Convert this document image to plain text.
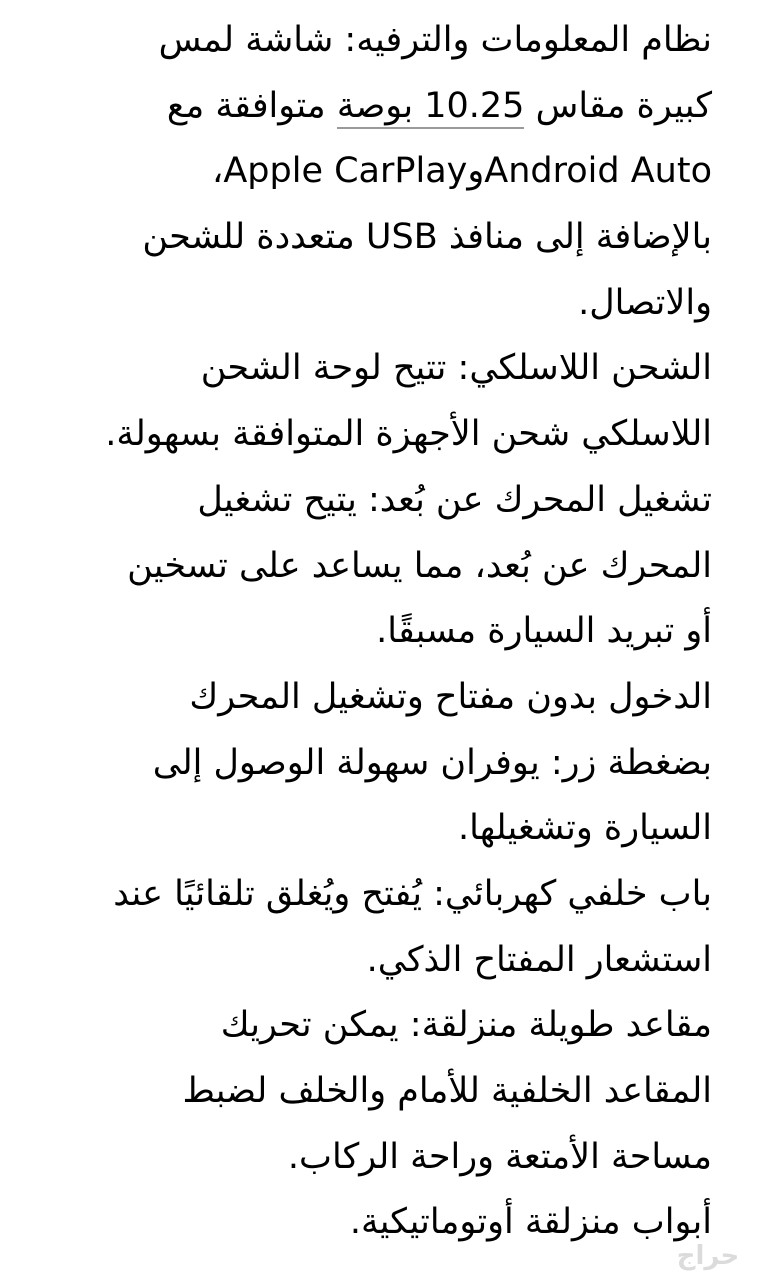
نظام المعلومات والترفيه: شاشة لمس
كبيرة مقاس 10.25 بوصة متوافقة مع
Android AutoوApple CarPlay،
بالإضافة إلى منافذ USB متعددة للشحن
والاتصال.
الشحن اللاسلكي: تتيح لوحة الشحن
اللاسلكي شحن الأجهزة المتوافقة بسهولة.
تشغيل المحرك عن بُعد: يتيح تشغيل
المحرك عن بُعد، مما يساعد على تسخين
أو تبريد السيارة مسبقًا.
الدخول بدون مفتاح وتشغيل المحرك
بضغطة زر: يوفران سهولة الوصول إلى
السيارة وتشغيلها.
باب خلفي كهربائي: يُفتح ويُغلق تلقائيًا عند
استشعار المفتاح الذكي.
مقاعد طويلة منزلقة: يمكن تحريك
المقاعد الخلفية للأمام والخلف لضبط
مساحة الأمتعة وراحة الركاب.
أبواب منزلقة أوتوماتيكية.
حراج
